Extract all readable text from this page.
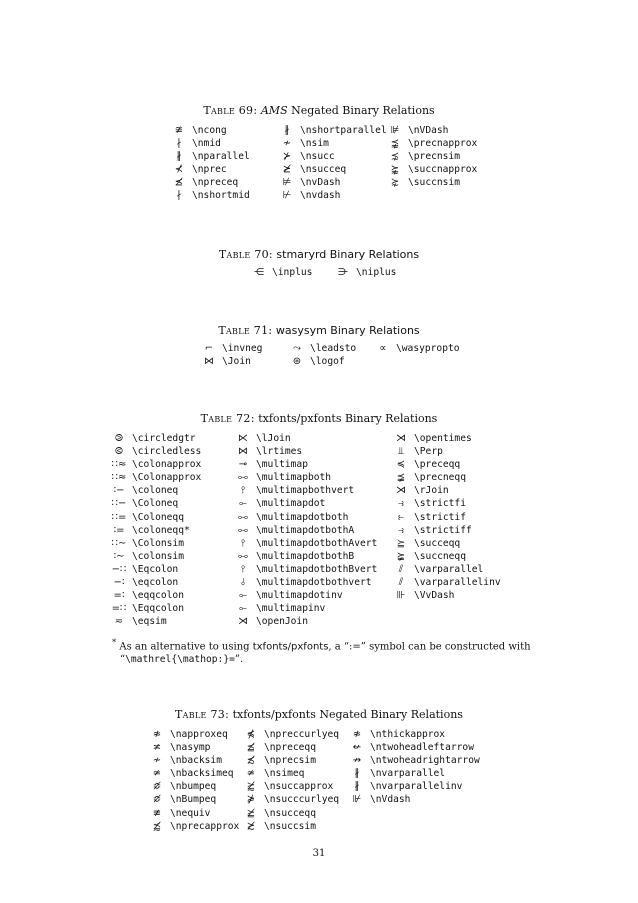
Table 69: AMS Negated Binary Relations
≇ \ncong	∦	\nshortparallel ⊯ \nVDash
∤	\nmid	≁ \nsim	⪹ \precnapprox
∦	\nparallel	⊁ \nsucc	⋨ \precnsim
⊀ \nprec	⪰̸ \nsucceq	⪺ \succnapprox
⪯̸ \npreceq	⊭ \nvDash	⋩ \succnsim
∤	\nshortmid	⊬ \nvdash
Table 70: stmaryrd Binary Relations
⋲ \inplus	⋺ \niplus
Table 71: wasysym Binary Relations
⌐ \invneg	⤳ \leadsto	∝ \wasypropto
⋈ \Join	⊛ \logof
Table 72: txfonts/pxfonts Binary Relations
⧁ \circledgtr	⋉ \lJoin	⋊ \opentimes
⧀ \circledless	⋈ \lrtimes	⫫	\Perp
∷≈ \colonapprox	⊸ \multimap	≼ \preceqq
∷≈ \Colonapprox	⧟ \multimapboth	⪵ \precneqq
∶− \coloneq	⫯	\multimapbothvert	⋊ \rJoin
∷− \Coloneq	⟜ \multimapdot	⥽	\strictfi
∷= \Coloneqq	⧟ \multimapdotboth	⥼	\strictif
∶= \coloneqq*	⧟ \multimapdotbothA	⥽	\strictiff
∷∼ \Colonsim	⫯	\multimapdotbothAvert	⪴ \succeqq
∶∼ \colonsim	⧟ \multimapdotbothB	⪶ \succneqq
−∷ \Eqcolon	⫯	\multimapdotbothBvert	⫽	\varparallel
−∶ \eqcolon	⫰	\multimapdotbothvert	⫽	\varparallelinv
=∶ \eqqcolon	⟜ \multimapdotinv	⊪ \VvDash
=∷ \Eqqcolon	⟜ \multimapinv
≂ \eqsim	⋊ \openJoin
* As an alternative to using txfonts/pxfonts, a “:=” symbol can be constructed with
“\mathrel{\mathop:}=”.
Table 73: txfonts/pxfonts Negated Binary Relations
≉ \napproxeq	⋠ \npreccurlyeq	≉ \nthickapprox
≭ \nasymp	⪳̸ \npreceqq	↚ \ntwoheadleftarrow
≁ \nbacksim	≾̸ \nprecsim	↛ \ntwoheadrightarrow
≄ \nbacksimeq	≄ \nsimeq	∦	\nvarparallel
≎̸ \nbumpeq	⪸̸ \nsuccapprox	∦	\nvarparallelinv
≎̸ \nBumpeq	⋡ \nsucccurlyeq	⊮ \nVdash
≢ \nequiv	⪴̸ \nsucceqq
⪷̸ \nprecapprox ≿̸ \nsuccsim
31
